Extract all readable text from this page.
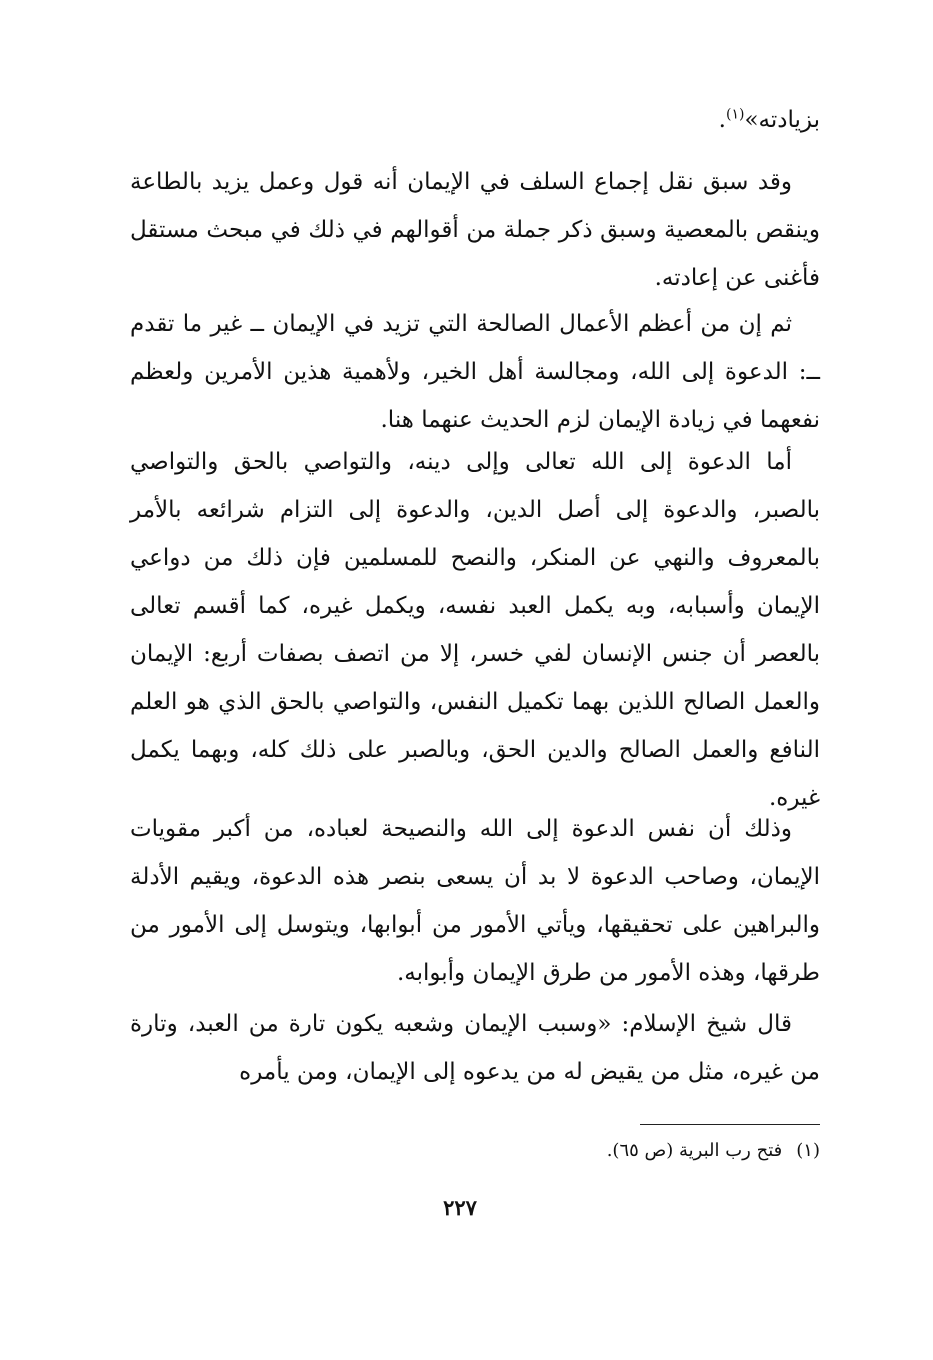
بزيادته»$^{(١)}$.

وقد سبق نقل إجماع السلف في الإيمان أنه قول وعمل يزيد بالطاعة وينقص بالمعصية وسبق ذكر جملة من أقوالهم في ذلك في مبحث مستقل فأغنى عن إعادته.

ثم إن من أعظم الأعمال الصالحة التي تزيد في الإيمان ــ غير ما تقدم ــ: الدعوة إلى الله، ومجالسة أهل الخير، ولأهمية هذين الأمرين ولعظم نفعهما في زيادة الإيمان لزم الحديث عنهما هنا.

أما الدعوة إلى الله تعالى وإلى دينه، والتواصي بالحق والتواصي بالصبر، والدعوة إلى أصل الدين، والدعوة إلى التزام شرائعه بالأمر بالمعروف والنهي عن المنكر، والنصح للمسلمين فإن ذلك من دواعي الإيمان وأسبابه، وبه يكمل العبد نفسه، ويكمل غيره، كما أقسم تعالى بالعصر أن جنس الإنسان لفي خسر، إلا من اتصف بصفات أربع: الإيمان والعمل الصالح اللذين بهما تكميل النفس، والتواصي بالحق الذي هو العلم النافع والعمل الصالح والدين الحق، وبالصبر على ذلك كله، وبهما يكمل غيره.

وذلك أن نفس الدعوة إلى الله والنصيحة لعباده، من أكبر مقويات الإيمان، وصاحب الدعوة لا بد أن يسعى بنصر هذه الدعوة، ويقيم الأدلة والبراهين على تحقيقها، ويأتي الأمور من أبوابها، ويتوسل إلى الأمور من طرقها، وهذه الأمور من طرق الإيمان وأبوابه.

قال شيخ الإسلام: «وسبب الإيمان وشعبه يكون تارة من العبد، وتارة من غيره، مثل من يقيض له من يدعوه إلى الإيمان، ومن يأمره

(١)فتح رب البرية (ص ٦٥).
٢٢٧
